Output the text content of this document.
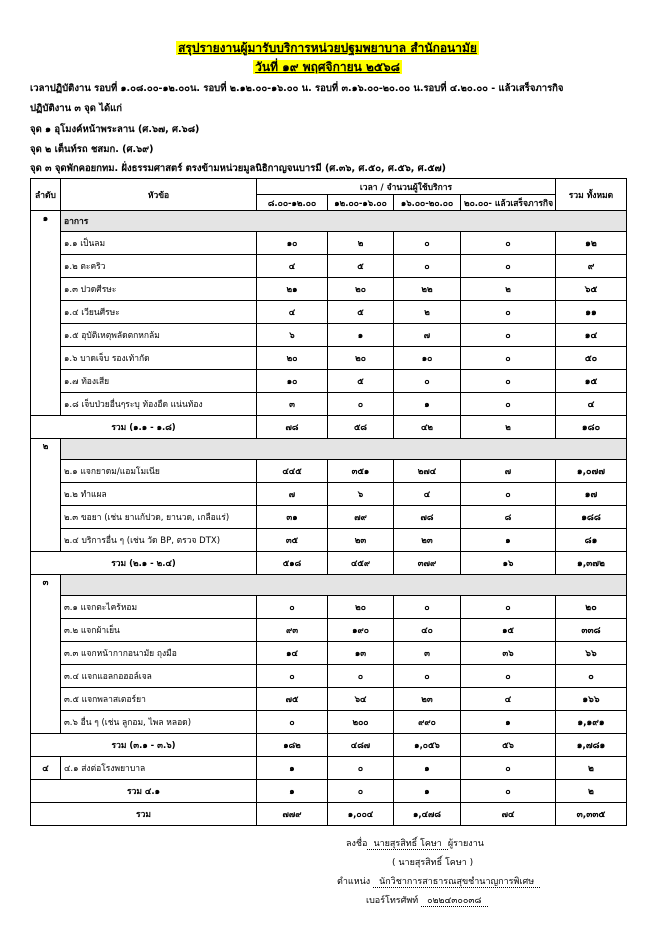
สรุปรายงานผู้มารับบริการหน่วยปฐมพยาบาล สำนักอนามัย
วันที่ ๑๙ พฤศจิกายน ๒๕๖๘
เวลาปฏิบัติงาน รอบที่ ๑.๐๘.๐๐-๑๒.๐๐น. รอบที่ ๒.๑๒.๐๐-๑๖.๐๐ น. รอบที่ ๓.๑๖.๐๐-๒๐.๐๐ น.รอบที่ ๔.๒๐.๐๐ - แล้วเสร็จภารกิจ
ปฏิบัติงาน ๓ จุด ได้แก่
จุด ๑ อุโมงค์หน้าพระลาน (ศ.๖๗, ศ.๖๘)
จุด ๒ เต็นท์รถ ชสมก. (ศ.๖๙)
จุด ๓ จุดพักคอยกทม. ฝั่งธรรมศาสตร์ ตรงข้ามหน่วยมูลนิธิกาญจนบารมี (ศ.๓๖, ศ.๕๐, ศ.๕๖, ศ.๕๗)
ลำดับ	หัวข้อ	เวลา / จำนวนผู้ใช้บริการ				รวม ทั้งหมด
		๘.๐๐-๑๒.๐๐	๑๒.๐๐-๑๖.๐๐	๑๖.๐๐-๒๐.๐๐	๒๐.๐๐- แล้วเสร็จภารกิจ	
๑	อาการ					
	๑.๑ เป็นลม	๑๐	๒	๐	๐	๑๒
	๑.๒ ตะคริว	๔	๕	๐	๐	๙
	๑.๓ ปวดศีรษะ	๒๑	๒๐	๒๒	๒	๖๕
	๑.๔ เวียนศีรษะ	๔	๕	๒	๐	๑๑
	๑.๕ อุบัติเหตุพลัดตกหกล้ม	๖	๑	๗	๐	๑๔
	๑.๖ บาดเจ็บ รองเท้ากัด	๒๐	๒๐	๑๐	๐	๕๐
	๑.๗ ท้องเสีย	๑๐	๕	๐	๐	๑๕
	๑.๘ เจ็บป่วยอื่นๆระบุ ท้องอืด แน่นท้อง	๓	๐	๑	๐	๔
รวม (๑.๑ - ๑.๘)		๗๘	๕๘	๔๒	๒	๑๘๐
๒						
	๒.๑ แจกยาดม/แอมโมเนีย	๔๔๕	๓๕๑	๒๗๔	๗	๑,๐๗๗
	๒.๒ ทำแผล	๗	๖	๔	๐	๑๗
	๒.๓ ขอยา (เช่น ยาแก้ปวด, ยานวด, เกลือแร่)	๓๑	๗๙	๗๘	๘	๑๘๘
	๒.๔ บริการอื่น ๆ (เช่น วัด BP, ตรวจ DTX)	๓๕	๒๓	๒๓	๑	๘๑
รวม (๒.๑ - ๒.๔)		๕๑๘	๔๕๙	๓๗๙	๑๖	๑,๓๗๒
๓						
	๓.๑ แจกตะไคร้หอม	๐	๒๐	๐	๐	๒๐
	๓.๒ แจกผ้าเย็น	๙๓	๑๙๐	๔๐	๑๕	๓๓๘
	๓.๓ แจกหน้ากากอนามัย ถุงมือ	๑๔	๑๓	๓	๓๖	๖๖
	๓.๔ แจกแอลกอฮอล์เจล	๐	๐	๐	๐	๐
	๓.๕ แจกพลาสเตอร์ยา	๗๕	๖๔	๒๓	๔	๑๖๖
	๓.๖ อื่น ๆ (เช่น ลูกอม, ไพล หลอด)	๐	๒๐๐	๙๙๐	๑	๑,๑๙๑
รวม (๓.๑ - ๓.๖)		๑๘๒	๔๘๗	๑,๐๕๖	๕๖	๑,๗๘๑
๔	๔.๑ ส่งต่อโรงพยาบาล	๑	๐	๑	๐	๒
รวม ๔.๑		๑	๐	๑	๐	๒
รวม		๗๗๙	๑,๐๐๔	๑,๔๗๘	๗๔	๓,๓๓๕
ลงชื่อ นายสุรสิทธิ์ โคษา ผู้รายงาน
( นายสุรสิทธิ์ โคษา )
ตำแหน่ง นักวิชาการสาธารณสุขชำนาญการพิเศษ
เบอร์โทรศัพท์ ๐๒๒๔๓๐๐๓๘
